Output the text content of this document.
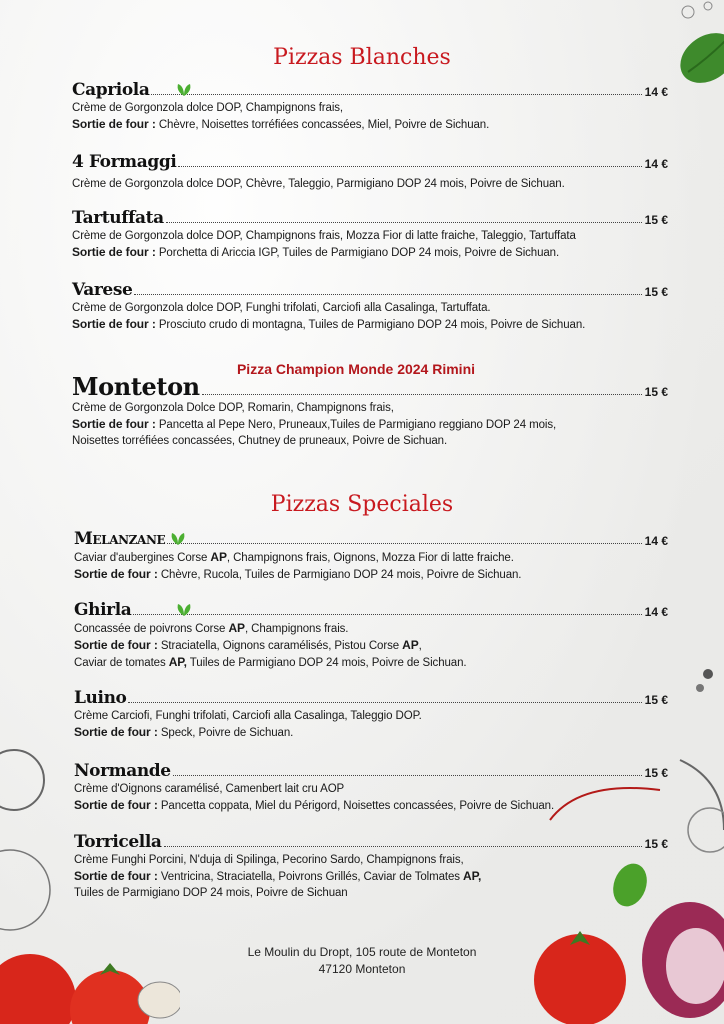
Pizzas Blanches
Capriola	14 €
Crème de Gorgonzola dolce DOP, Champignons frais,
Sortie de four : Chèvre, Noisettes torréfiées concassées, Miel, Poivre de Sichuan.
4 Formaggi	14 €
Crème de Gorgonzola dolce DOP, Chèvre, Taleggio, Parmigiano DOP 24 mois, Poivre de Sichuan.
Tartuffata	15 €
Crème de Gorgonzola dolce DOP, Champignons frais, Mozza Fior di latte fraiche, Taleggio, Tartuffata
Sortie de four : Porchetta di Ariccia IGP, Tuiles de Parmigiano DOP 24 mois, Poivre de Sichuan.
Varese	15 €
Crème de Gorgonzola dolce DOP, Funghi trifolati, Carciofi alla Casalinga, Tartuffata.
Sortie de four : Prosciuto crudo di montagna, Tuiles de Parmigiano DOP 24 mois, Poivre de Sichuan.
Pizza Champion Monde 2024 Rimini
Monteton	15 €
Crème de Gorgonzola Dolce DOP, Romarin, Champignons frais,
Sortie de four : Pancetta al Pepe Nero, Pruneaux,Tuiles de Parmigiano reggiano DOP 24 mois,
Noisettes torréfiées concassées, Chutney de pruneaux, Poivre de Sichuan.
Pizzas Speciales
Melanzane	14 €
Caviar d'aubergines Corse AP, Champignons frais, Oignons, Mozza Fior di latte fraiche.
Sortie de four : Chèvre, Rucola, Tuiles de Parmigiano DOP 24 mois, Poivre de Sichuan.
Ghirla	14 €
Concassée de poivrons Corse AP, Champignons frais.
Sortie de four : Straciatella, Oignons caramélisés, Pistou Corse AP,
Caviar de tomates AP, Tuiles de Parmigiano DOP 24 mois, Poivre de Sichuan.
Luino	15 €
Crème Carciofi, Funghi trifolati, Carciofi alla Casalinga, Taleggio DOP.
Sortie de four : Speck, Poivre de Sichuan.
Normande	15 €
Crème d'Oignons caramélisé, Camenbert lait cru AOP
Sortie de four : Pancetta coppata, Miel du Périgord, Noisettes concassées, Poivre de Sichuan.
Torricella	15 €
Crème Funghi Porcini, N'duja di Spilinga, Pecorino Sardo, Champignons frais,
Sortie de four : Ventricina, Straciatella, Poivrons Grillés, Caviar de Tolmates AP,
Tuiles de Parmigiano DOP 24 mois, Poivre de Sichuan
Le Moulin du Dropt, 105 route de Monteton
47120 Monteton
